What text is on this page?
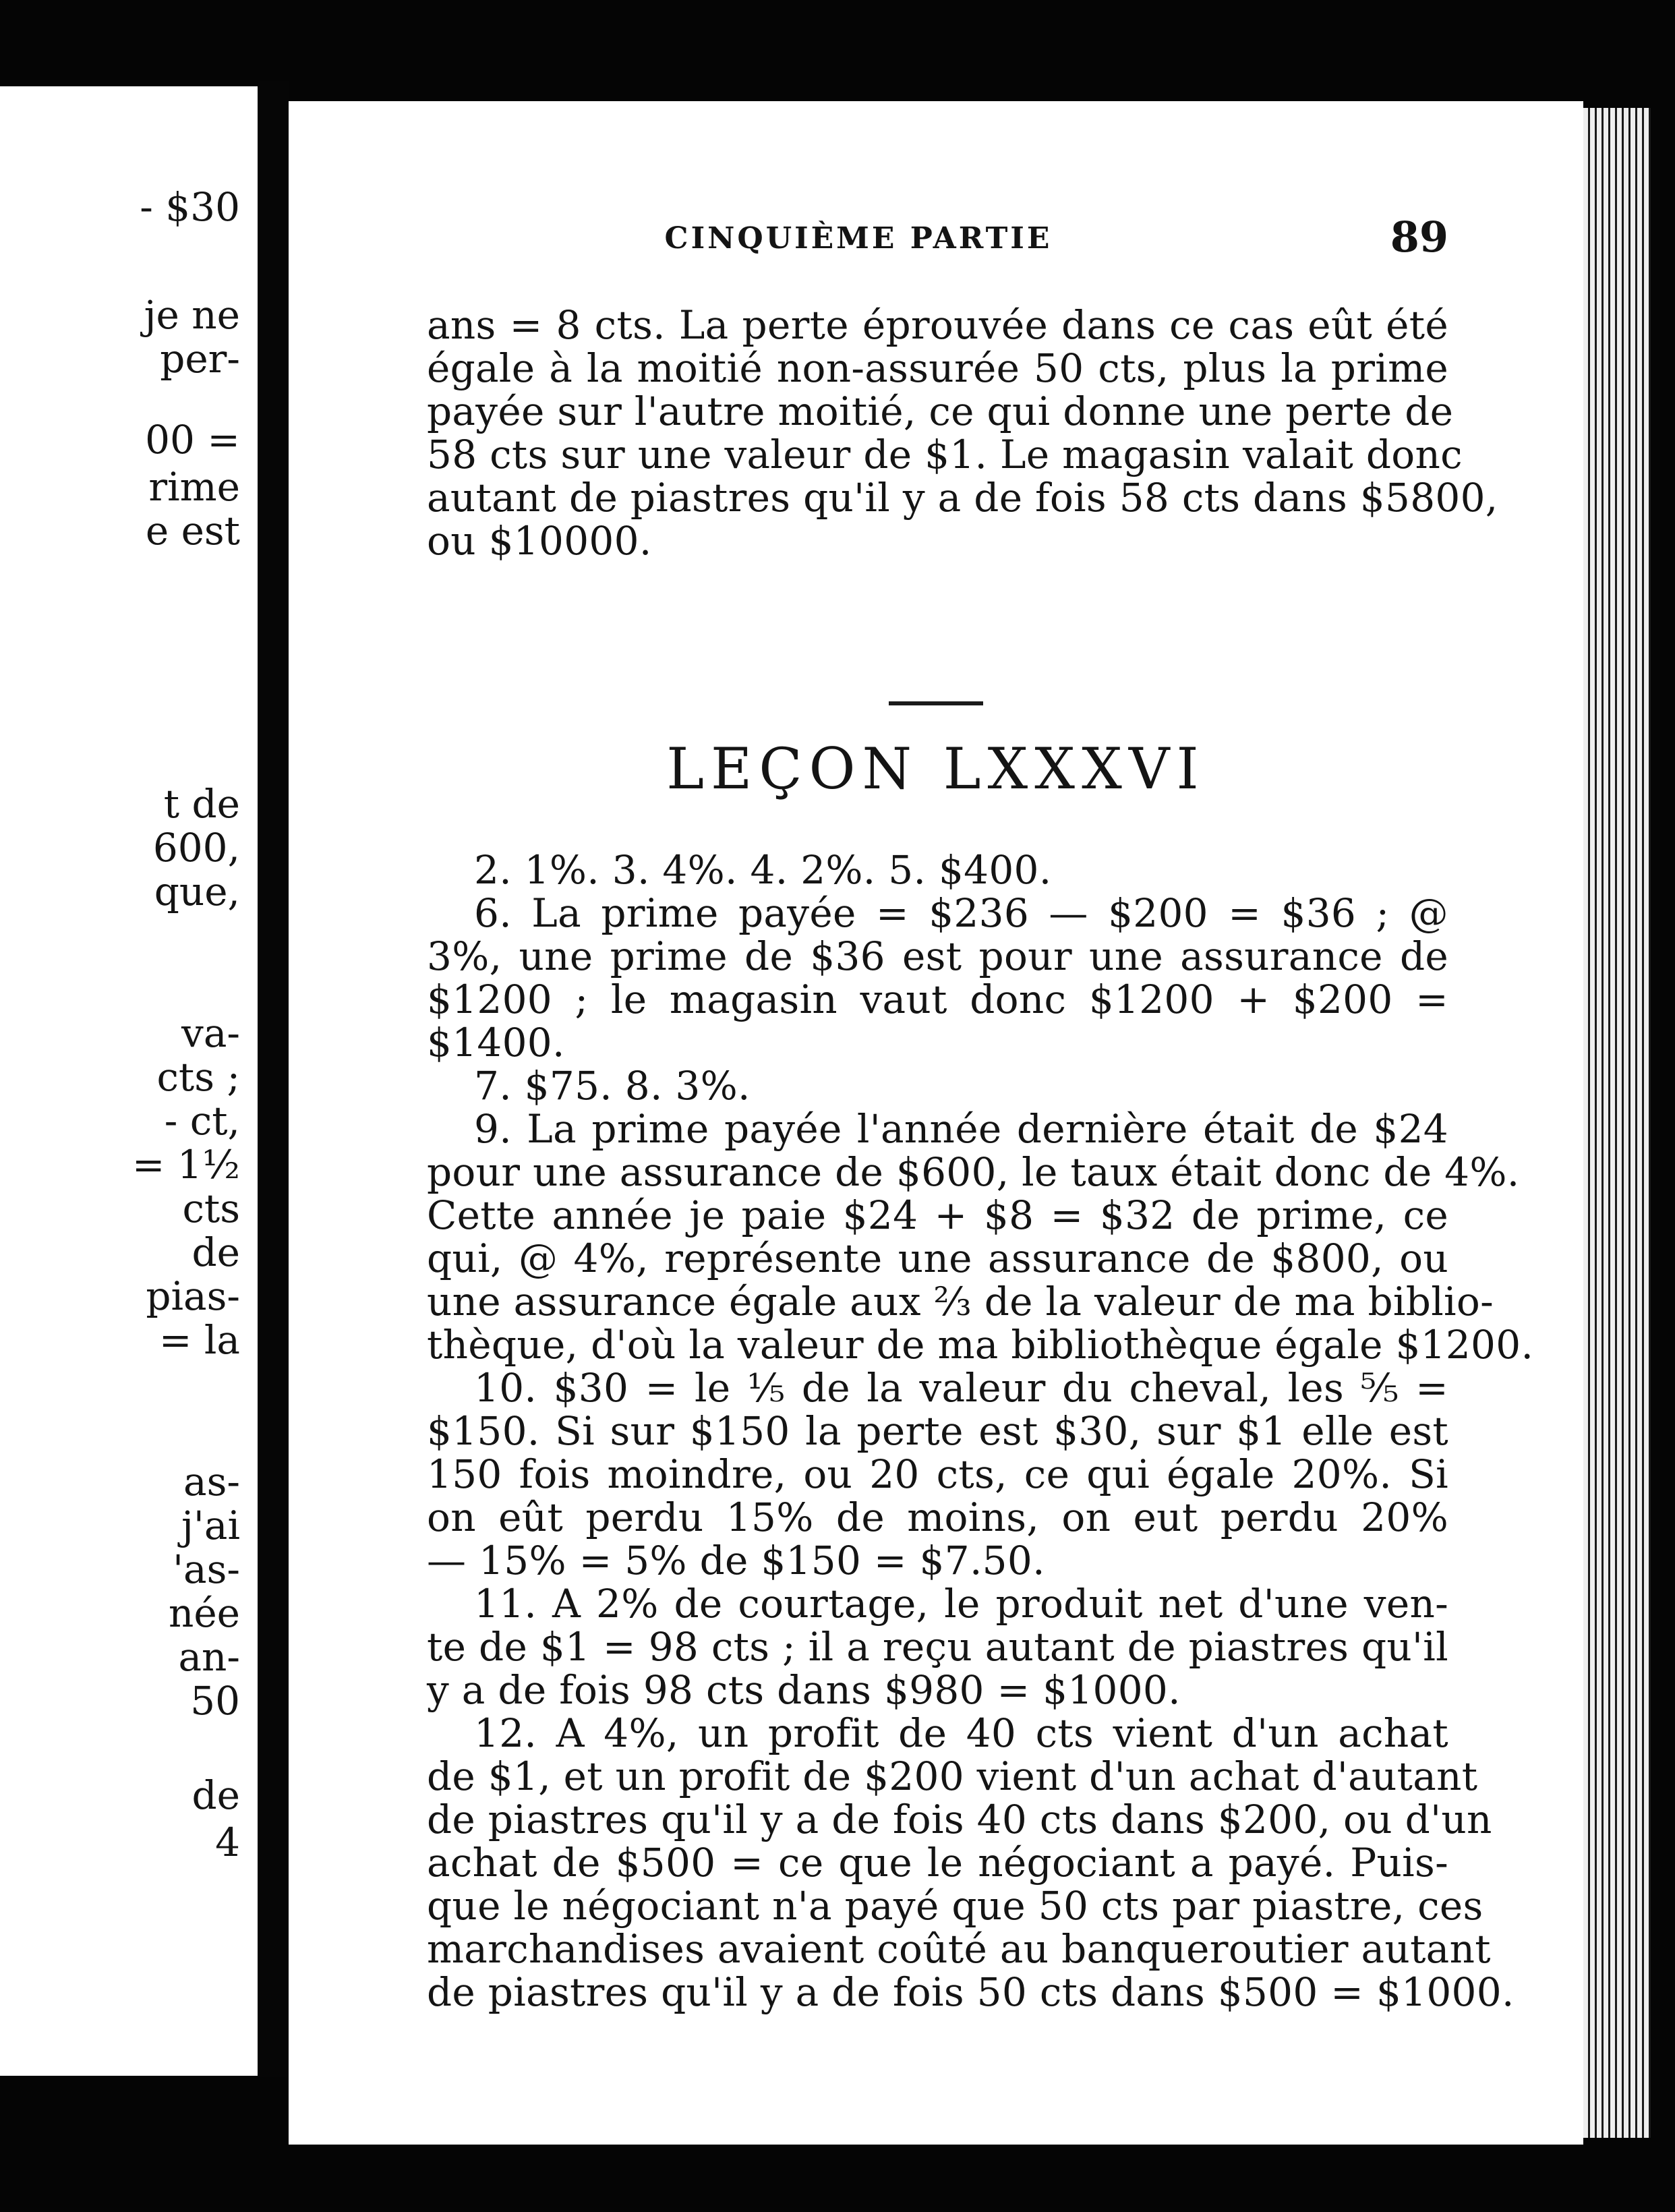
- $30
je ne
per-
00 =
rime
e est
t de
600,
que,
va-
cts ;
- ct,
= 1½
cts
de
pias-
= la
as-
j'ai
'as-
née
an-
50
de
4
CINQUIÈME PARTIE	89
ans = 8 cts. La perte éprouvée dans ce cas eût été
égale à la moitié non-assurée 50 cts, plus la prime
payée sur l'autre moitié, ce qui donne une perte de
58 cts sur une valeur de $1. Le magasin valait donc
autant de piastres qu'il y a de fois 58 cts dans $5800,
ou $10000.
LEÇON LXXXVI
2. 1%. 3. 4%. 4. 2%. 5. $400.
6. La prime payée = $236 — $200 = $36 ; @
3%, une prime de $36 est pour une assurance de
$1200 ; le magasin vaut donc $1200 + $200 =
$1400.
7. $75. 8. 3%.
9. La prime payée l'année dernière était de $24
pour une assurance de $600, le taux était donc de 4%.
Cette année je paie $24 + $8 = $32 de prime, ce
qui, @ 4%, représente une assurance de $800, ou
une assurance égale aux ⅔ de la valeur de ma biblio-
thèque, d'où la valeur de ma bibliothèque égale $1200.
10. $30 = le ⅕ de la valeur du cheval, les ⁵⁄₅ =
$150. Si sur $150 la perte est $30, sur $1 elle est
150 fois moindre, ou 20 cts, ce qui égale 20%. Si
on eût perdu 15% de moins, on eut perdu 20%
— 15% = 5% de $150 = $7.50.
11. A 2% de courtage, le produit net d'une ven-
te de $1 = 98 cts ; il a reçu autant de piastres qu'il
y a de fois 98 cts dans $980 = $1000.
12. A 4%, un profit de 40 cts vient d'un achat
de $1, et un profit de $200 vient d'un achat d'autant
de piastres qu'il y a de fois 40 cts dans $200, ou d'un
achat de $500 = ce que le négociant a payé. Puis-
que le négociant n'a payé que 50 cts par piastre, ces
marchandises avaient coûté au banqueroutier autant
de piastres qu'il y a de fois 50 cts dans $500 = $1000.
